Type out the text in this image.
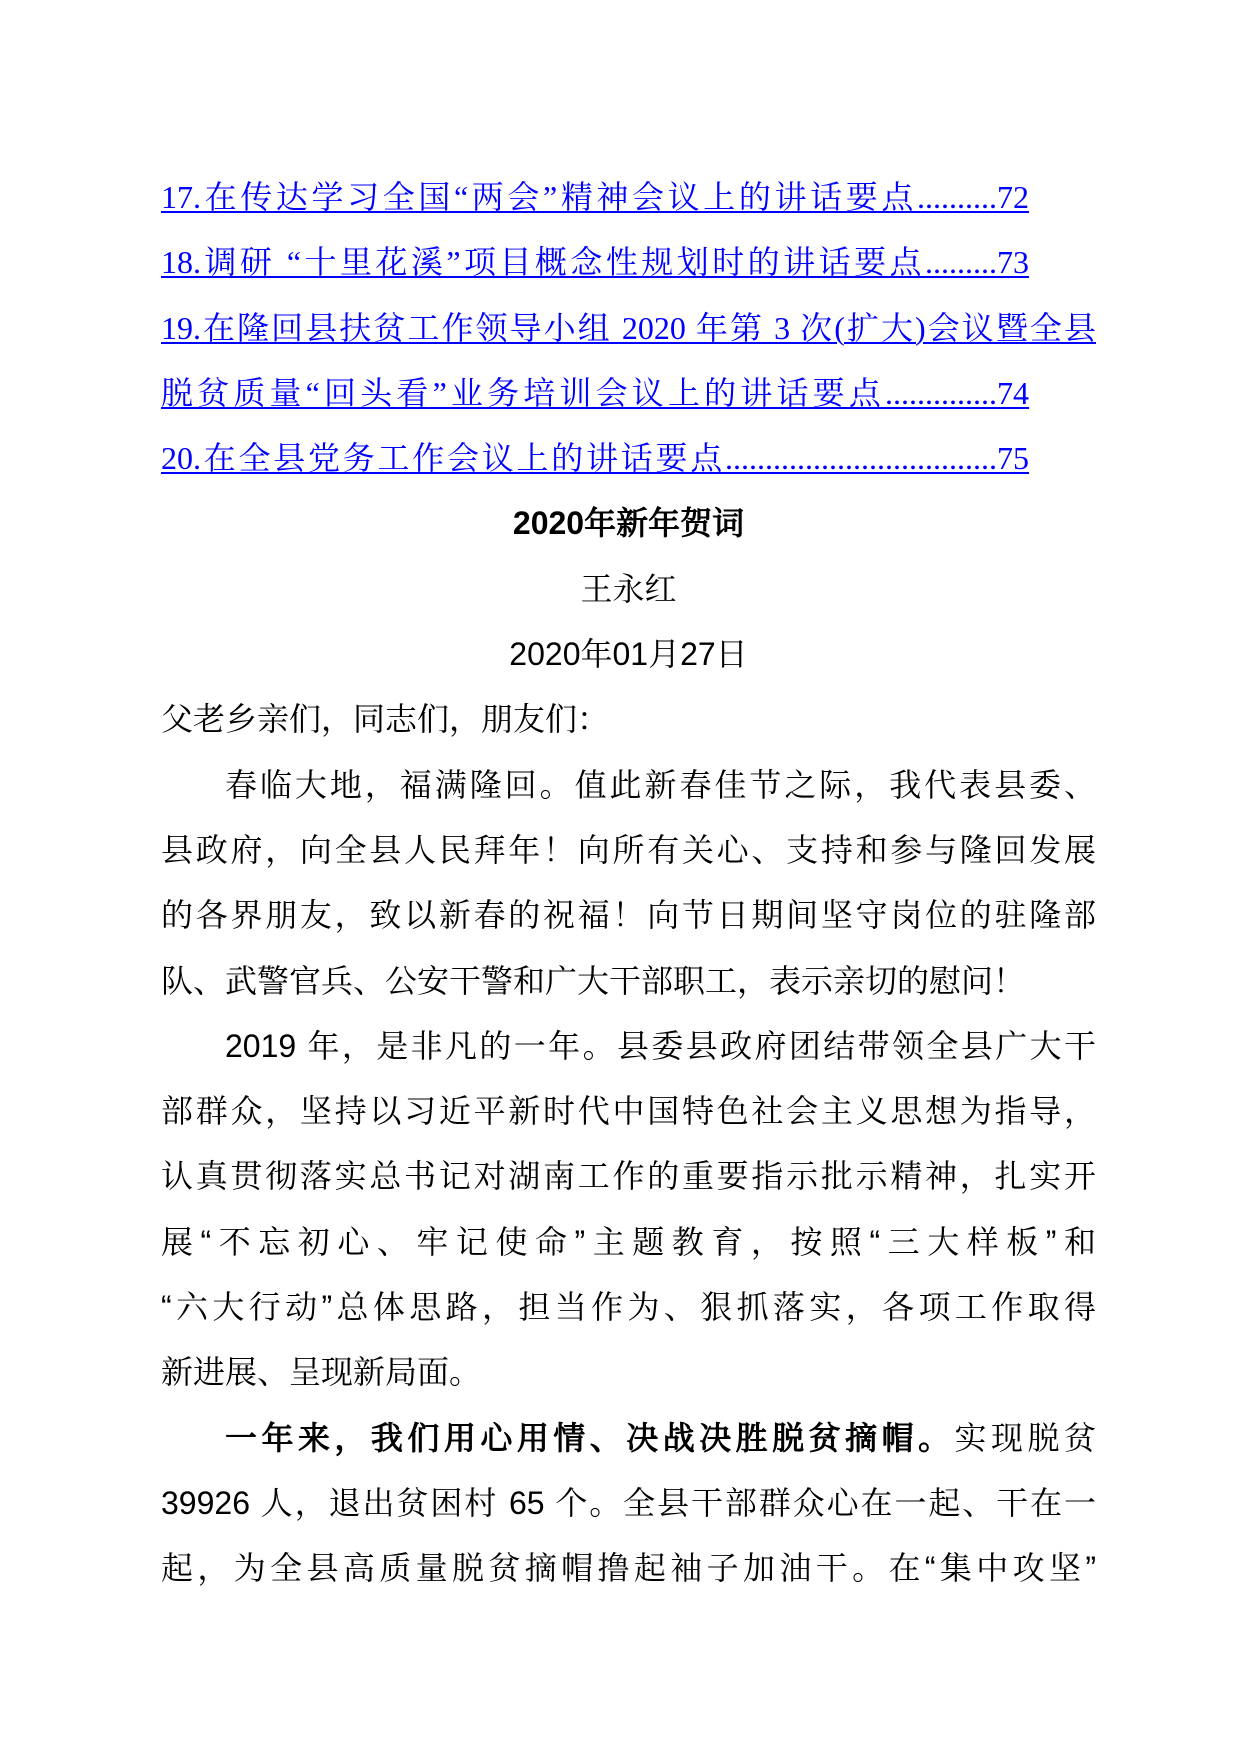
17.在传达学习全国“两会”精神会议上的讲话要点..........72
18.调研 “十里花溪”项目概念性规划时的讲话要点.........73
19.在隆回县扶贫工作领导小组 2020 年第 3 次(扩大)会议暨全县
脱贫质量“回头看”业务培训会议上的讲话要点..............74
20.在全县党务工作会议上的讲话要点..................................75
2020年新年贺词
王永红
2020年01月27日
父老乡亲们，同志们，朋友们：
春临大地，福满隆回。值此新春佳节之际，我代表县委、
县政府，向全县人民拜年！向所有关心、支持和参与隆回发展
的各界朋友，致以新春的祝福！向节日期间坚守岗位的驻隆部
队、武警官兵、公安干警和广大干部职工，表示亲切的慰问！
2019 年，是非凡的一年。县委县政府团结带领全县广大干
部群众，坚持以习近平新时代中国特色社会主义思想为指导，
认真贯彻落实总书记对湖南工作的重要指示批示精神，扎实开
展“不忘初心、牢记使命”主题教育，按照“三大样板”和
“六大行动”总体思路，担当作为、狠抓落实，各项工作取得
新进展、呈现新局面。
一年来，我们用心用情、决战决胜脱贫摘帽。实现脱贫
39926 人，退出贫困村 65 个。全县干部群众心在一起、干在一
起，为全县高质量脱贫摘帽撸起袖子加油干。在“集中攻坚”
